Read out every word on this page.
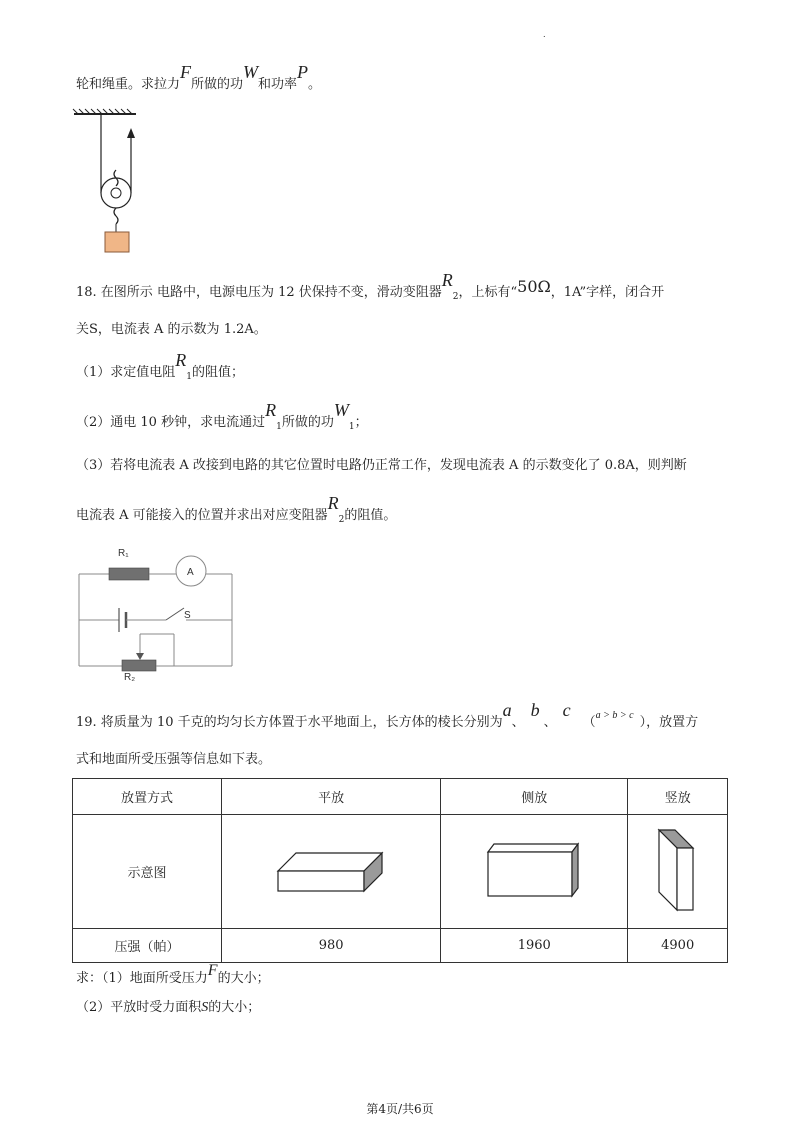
.
轮和绳重。求拉力F所做的功W和功率P。
18. 在图所示 电路中，电源电压为 12 伏保持不变，滑动变阻器$R_2$，上标有“50Ω，1A”字样，闭合开
关S，电流表 A 的示数为 1.2A。
（1）求定值电阻$R_1$的阻值；
（2）通电 10 秒钟，求电流通过$R_1$所做的功$W_1$；
（3）若将电流表 A 改接到电路的其它位置时电路仍正常工作，发现电流表 A 的示数变化了 0.8A，则判断
电流表 A 可能接入的位置并求出对应变阻器$R_2$的阻值。
R₁
A
S
R₂
19. 将质量为 10 千克的均匀长方体置于水平地面上，长方体的棱长分别为a、b、c（$^{a > b > c}$ ），放置方
式和地面所受压强等信息如下表。
放置方式	平放	侧放	竖放
示意图			
压强（帕）	980	1960	4900
求：（1）地面所受压力F的大小；
（2）平放时受力面积S的大小；
第4页/共6页
